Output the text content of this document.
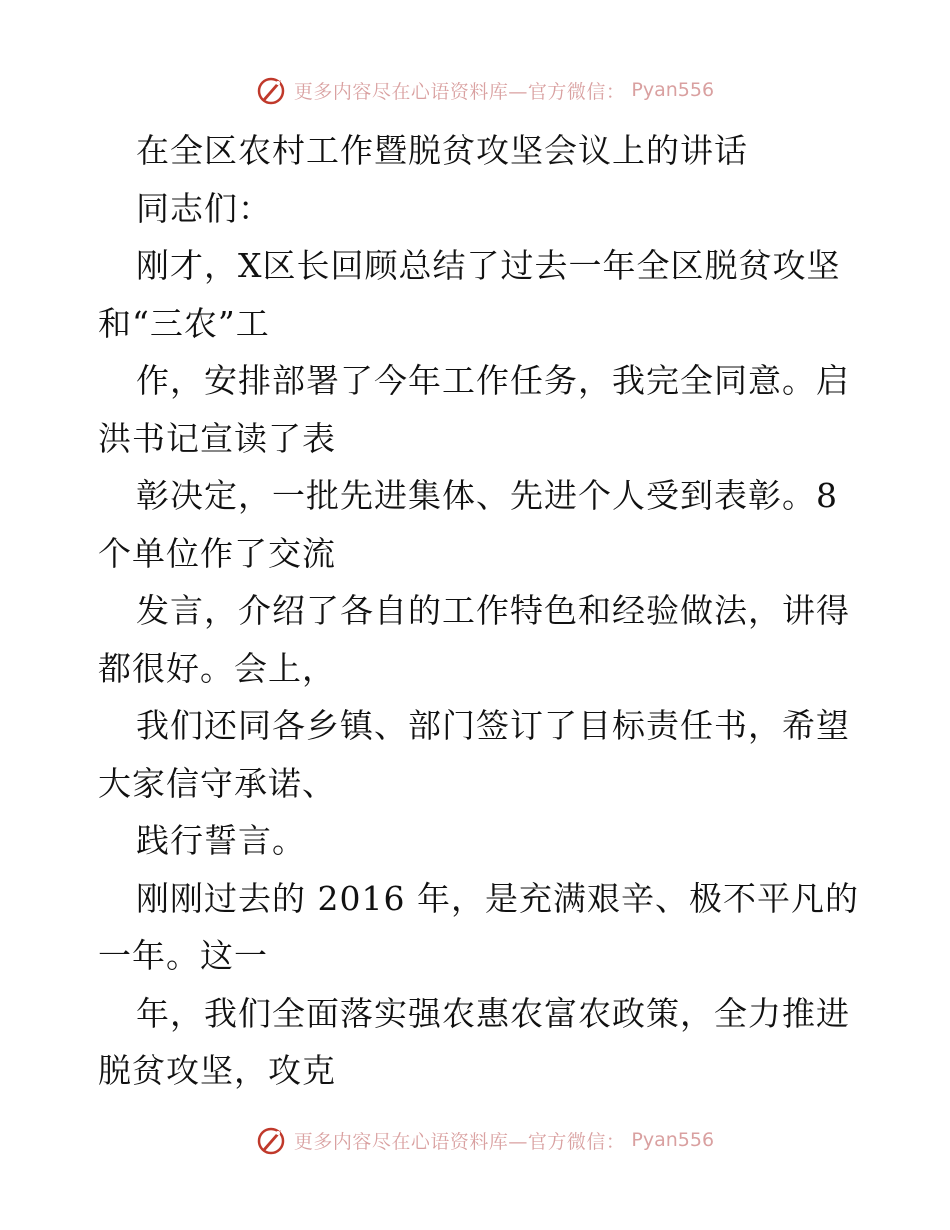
更多内容尽在心语资料库—官方微信： Pyan556
在全区农村工作暨脱贫攻坚会议上的讲话
同志们：
刚才，X区长回顾总结了过去一年全区脱贫攻坚
和“三农”工
作，安排部署了今年工作任务，我完全同意。启
洪书记宣读了表
彰决定，一批先进集体、先进个人受到表彰。8
个单位作了交流
发言，介绍了各自的工作特色和经验做法，讲得
都很好。会上，
我们还同各乡镇、部门签订了目标责任书，希望
大家信守承诺、
践行誓言。
刚刚过去的 2016 年，是充满艰辛、极不平凡的
一年。这一
年，我们全面落实强农惠农富农政策，全力推进
脱贫攻坚，攻克
更多内容尽在心语资料库—官方微信： Pyan556
